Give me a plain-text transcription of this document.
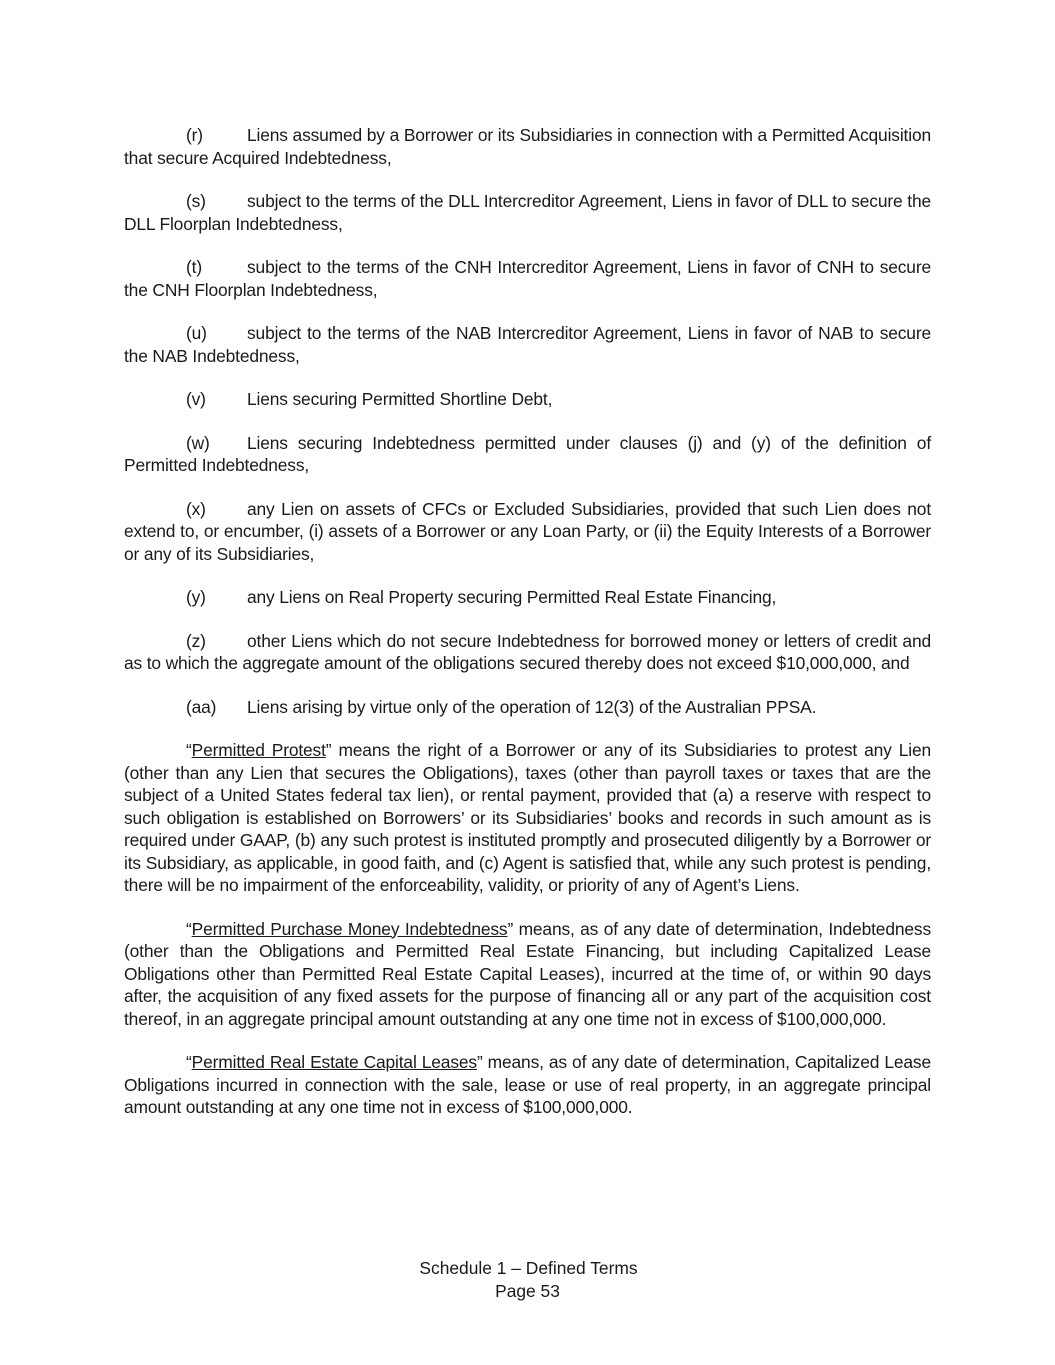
(r)	Liens assumed by a Borrower or its Subsidiaries in connection with a Permitted Acquisition that secure Acquired Indebtedness,

(s) subject to the terms of the DLL Intercreditor Agreement, Liens in favor of DLL to secure the DLL Floorplan Indebtedness,

(t)	subject to the terms of the CNH Intercreditor Agreement, Liens in favor of CNH to secure the CNH Floorplan Indebtedness,

(u) subject to the terms of the NAB Intercreditor Agreement, Liens in favor of NAB to secure the NAB Indebtedness,

(v) Liens securing Permitted Shortline Debt,

(w) Liens securing Indebtedness permitted under clauses (j) and (y) of the definition of Permitted Indebtedness,

(x) any Lien on assets of CFCs or Excluded Subsidiaries, provided that such Lien does not extend to, or encumber, (i) assets of a Borrower or any Loan Party, or (ii) the Equity Interests of a Borrower or any of its Subsidiaries,

(y) any Liens on Real Property securing Permitted Real Estate Financing,

(z) other Liens which do not secure Indebtedness for borrowed money or letters of credit and as to which the aggregate amount of the obligations secured thereby does not exceed $10,000,000, and

(aa) Liens arising by virtue only of the operation of 12(3) of the Australian PPSA.

“Permitted Protest” means the right of a Borrower or any of its Subsidiaries to protest any Lien (other than any Lien that secures the Obligations), taxes (other than payroll taxes or taxes that are the subject of a United States federal tax lien), or rental payment, provided that (a) a reserve with respect to such obligation is established on Borrowers’ or its Subsidiaries’ books and records in such amount as is required under GAAP, (b) any such protest is instituted promptly and prosecuted diligently by a Borrower or its Subsidiary, as applicable, in good faith, and (c) Agent is satisfied that, while any such protest is pending, there will be no impairment of the enforceability, validity, or priority of any of Agent’s Liens.

“Permitted Purchase Money Indebtedness” means, as of any date of determination, Indebtedness (other than the Obligations and Permitted Real Estate Financing, but including Capitalized Lease Obligations other than Permitted Real Estate Capital Leases), incurred at the time of, or within 90 days after, the acquisition of any fixed assets for the purpose of financing all or any part of the acquisition cost thereof, in an aggregate principal amount outstanding at any one time not in excess of $100,000,000.

“Permitted Real Estate Capital Leases” means, as of any date of determination, Capitalized Lease Obligations incurred in connection with the sale, lease or use of real property, in an aggregate principal amount outstanding at any one time not in excess of $100,000,000.

Schedule 1 – Defined Terms
Page 53
